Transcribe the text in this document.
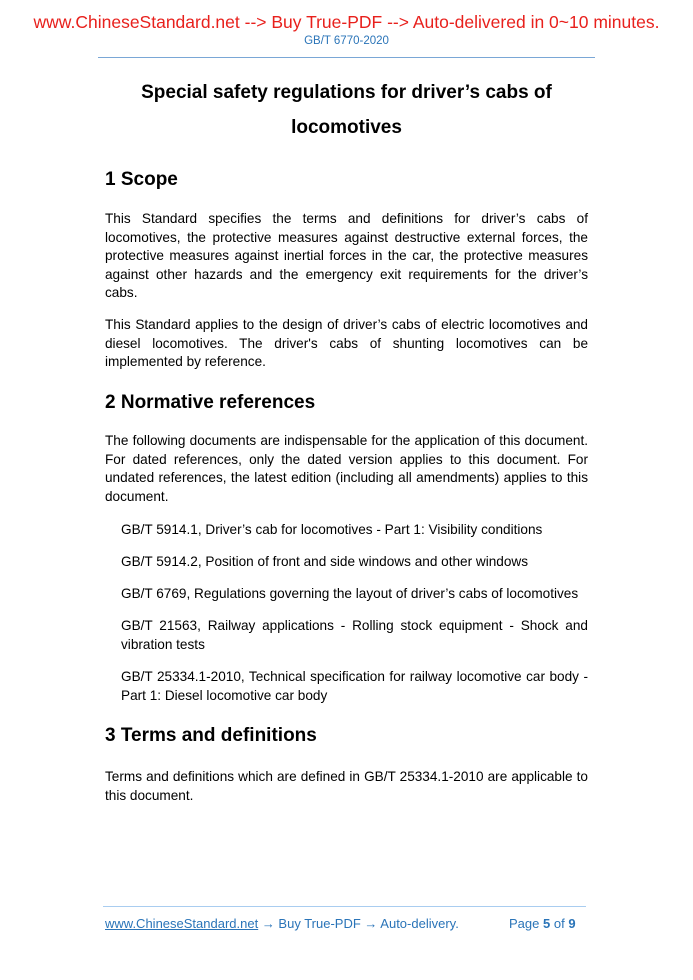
www.ChineseStandard.net --> Buy True-PDF --> Auto-delivered in 0~10 minutes.
GB/T 6770-2020
Special safety regulations for driver’s cabs of
locomotives
1 Scope
This Standard specifies the terms and definitions for driver’s cabs of locomotives, the protective measures against destructive external forces, the protective measures against inertial forces in the car, the protective measures against other hazards and the emergency exit requirements for the driver’s cabs.
This Standard applies to the design of driver’s cabs of electric locomotives and diesel locomotives. The driver's cabs of shunting locomotives can be implemented by reference.
2 Normative references
The following documents are indispensable for the application of this document. For dated references, only the dated version applies to this document. For undated references, the latest edition (including all amendments) applies to this document.
GB/T 5914.1, Driver’s cab for locomotives - Part 1: Visibility conditions
GB/T 5914.2, Position of front and side windows and other windows
GB/T 6769, Regulations governing the layout of driver’s cabs of locomotives
GB/T 21563, Railway applications - Rolling stock equipment - Shock and vibration tests
GB/T 25334.1-2010, Technical specification for railway locomotive car body - Part 1: Diesel locomotive car body
3 Terms and definitions
Terms and definitions which are defined in GB/T 25334.1-2010 are applicable to this document.
www.ChineseStandard.net → Buy True-PDF → Auto-delivery.	Page 5 of 9
